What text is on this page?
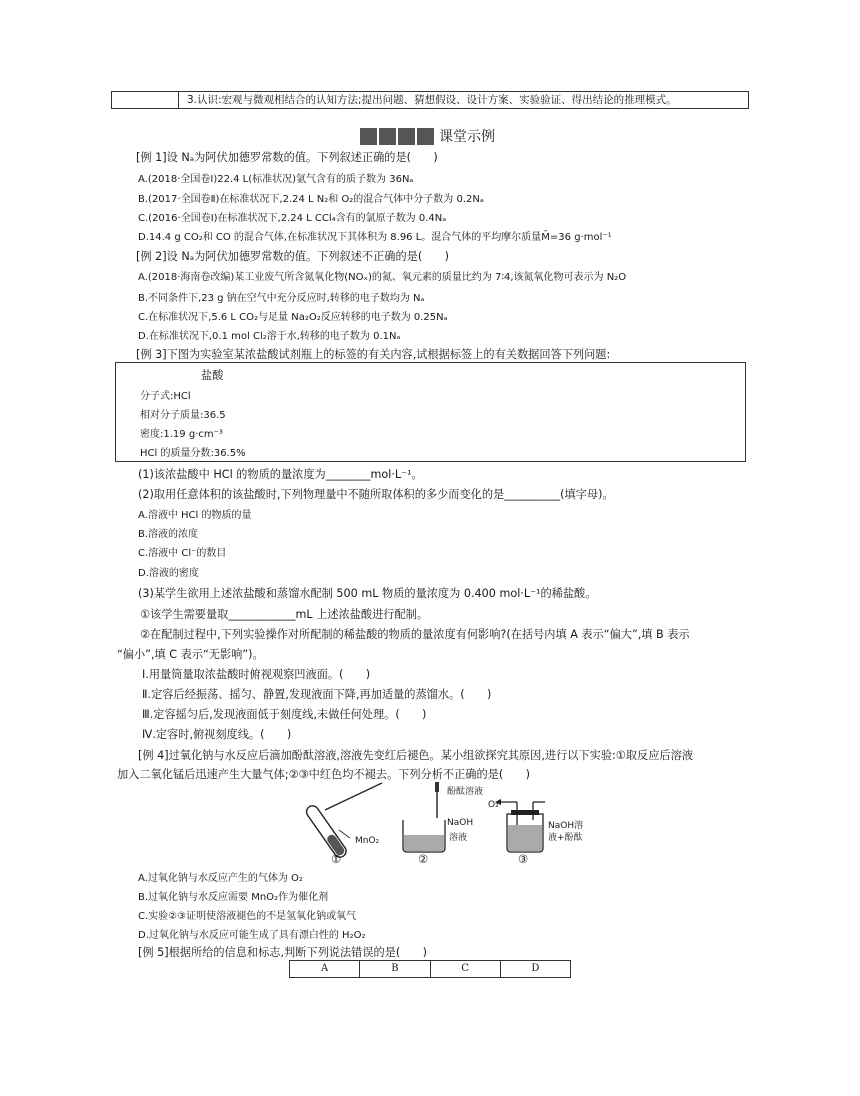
3.认识:宏观与微观相结合的认知方法;提出问题、猜想假设、设计方案、实验验证、得出结论的推理模式。
课堂示例
[例 1]设 Nₐ为阿伏加德罗常数的值。下列叙述正确的是(　　)
A.(2018·全国卷Ⅰ)22.4 L(标准状况)氩气含有的质子数为 36Nₐ
B.(2017·全国卷Ⅱ)在标准状况下,2.24 L N₂和 O₂的混合气体中分子数为 0.2Nₐ
C.(2016·全国卷Ⅰ)在标准状况下,2.24 L CCl₄含有的氯原子数为 0.4Nₐ
D.14.4 g CO₂和 CO 的混合气体,在标准状况下其体积为 8.96 L。混合气体的平均摩尔质量M̄=36 g·mol⁻¹
[例 2]设 Nₐ为阿伏加德罗常数的值。下列叙述不正确的是(　　)
A.(2018·海南卷改编)某工业废气所含氮氧化物(NOₓ)的氮、氧元素的质量比约为 7∶4,该氮氧化物可表示为 N₂O
B.不同条件下,23 g 钠在空气中充分反应时,转移的电子数均为 Nₐ
C.在标准状况下,5.6 L CO₂与足量 Na₂O₂反应转移的电子数为 0.25Nₐ
D.在标准状况下,0.1 mol Cl₂溶于水,转移的电子数为 0.1Nₐ
[例 3]下图为实验室某浓盐酸试剂瓶上的标签的有关内容,试根据标签上的有关数据回答下列问题:
盐酸
分子式:HCl
相对分子质量:36.5
密度:1.19 g·cm⁻³
HCl 的质量分数:36.5%
(1)该浓盐酸中 HCl 的物质的量浓度为________mol·L⁻¹。
(2)取用任意体积的该盐酸时,下列物理量中不随所取体积的多少而变化的是__________(填字母)。
A.溶液中 HCl 的物质的量
B.溶液的浓度
C.溶液中 Cl⁻的数目
D.溶液的密度
(3)某学生欲用上述浓盐酸和蒸馏水配制 500 mL 物质的量浓度为 0.400 mol·L⁻¹的稀盐酸。
①该学生需要量取____________mL 上述浓盐酸进行配制。
②在配制过程中,下列实验操作对所配制的稀盐酸的物质的量浓度有何影响?(在括号内填 A 表示“偏大”,填 B 表示
“偏小”,填 C 表示“无影响”)。
Ⅰ.用量筒量取浓盐酸时俯视观察凹液面。(　　)
Ⅱ.定容后经振荡、摇匀、静置,发现液面下降,再加适量的蒸馏水。(　　)
Ⅲ.定容摇匀后,发现液面低于刻度线,未做任何处理。(　　)
Ⅳ.定容时,俯视刻度线。(　　)
[例 4]过氧化钠与水反应后滴加酚酞溶液,溶液先变红后褪色。某小组欲探究其原因,进行以下实验:①取反应后溶液
加入二氧化锰后迅速产生大量气体;②③中红色均不褪去。下列分析不正确的是(　　)
MnO₂
酚酞溶液
NaOH
溶液
O₂
NaOH溶
液+酚酞
①	②	③
A.过氧化钠与水反应产生的气体为 O₂
B.过氧化钠与水反应需要 MnO₂作为催化剂
C.实验②③证明使溶液褪色的不是氢氧化钠或氧气
D.过氧化钠与水反应可能生成了具有漂白性的 H₂O₂
[例 5]根据所给的信息和标志,判断下列说法错误的是(　　)
A	B	C	D
